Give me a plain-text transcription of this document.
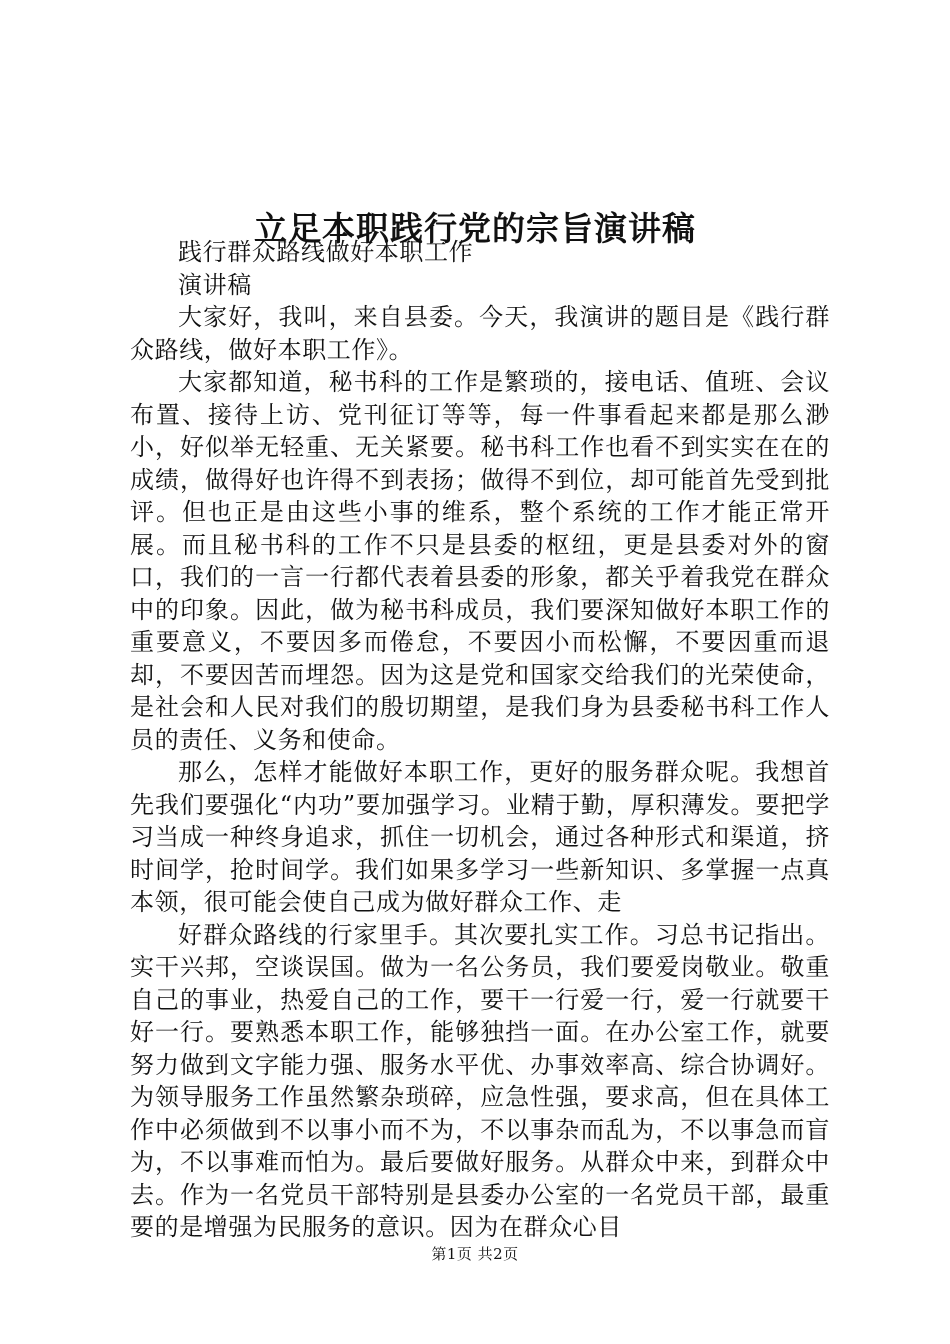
立足本职践行党的宗旨演讲稿

践行群众路线做好本职工作

演讲稿

大家好，我叫，来自县委。今天，我演讲的题目是《践行群众路线，做好本职工作》。

大家都知道，秘书科的工作是繁琐的，接电话、值班、会议布置、接待上访、党刊征订等等，每一件事看起来都是那么渺小，好似举无轻重、无关紧要。秘书科工作也看不到实实在在的成绩，做得好也许得不到表扬；做得不到位，却可能首先受到批评。但也正是由这些小事的维系，整个系统的工作才能正常开展。而且秘书科的工作不只是县委的枢纽，更是县委对外的窗口，我们的一言一行都代表着县委的形象，都关乎着我党在群众中的印象。因此，做为秘书科成员，我们要深知做好本职工作的重要意义，不要因多而倦怠，不要因小而松懈，不要因重而退却，不要因苦而埋怨。因为这是党和国家交给我们的光荣使命，是社会和人民对我们的殷切期望，是我们身为县委秘书科工作人员的责任、义务和使命。

那么，怎样才能做好本职工作，更好的服务群众呢。我想首先我们要强化“内功”要加强学习。业精于勤，厚积薄发。要把学习当成一种终身追求，抓住一切机会，通过各种形式和渠道，挤时间学，抢时间学。我们如果多学习一些新知识、多掌握一点真本领，很可能会使自己成为做好群众工作、走

好群众路线的行家里手。其次要扎实工作。习总书记指出。实干兴邦，空谈误国。做为一名公务员，我们要爱岗敬业。敬重自己的事业，热爱自己的工作，要干一行爱一行，爱一行就要干好一行。要熟悉本职工作，能够独挡一面。在办公室工作，就要努力做到文字能力强、服务水平优、办事效率高、综合协调好。为领导服务工作虽然繁杂琐碎，应急性强，要求高，但在具体工作中必须做到不以事小而不为，不以事杂而乱为，不以事急而盲为，不以事难而怕为。最后要做好服务。从群众中来，到群众中去。作为一名党员干部特别是县委办公室的一名党员干部，最重要的是增强为民服务的意识。因为在群众心目

第1页 共2页
